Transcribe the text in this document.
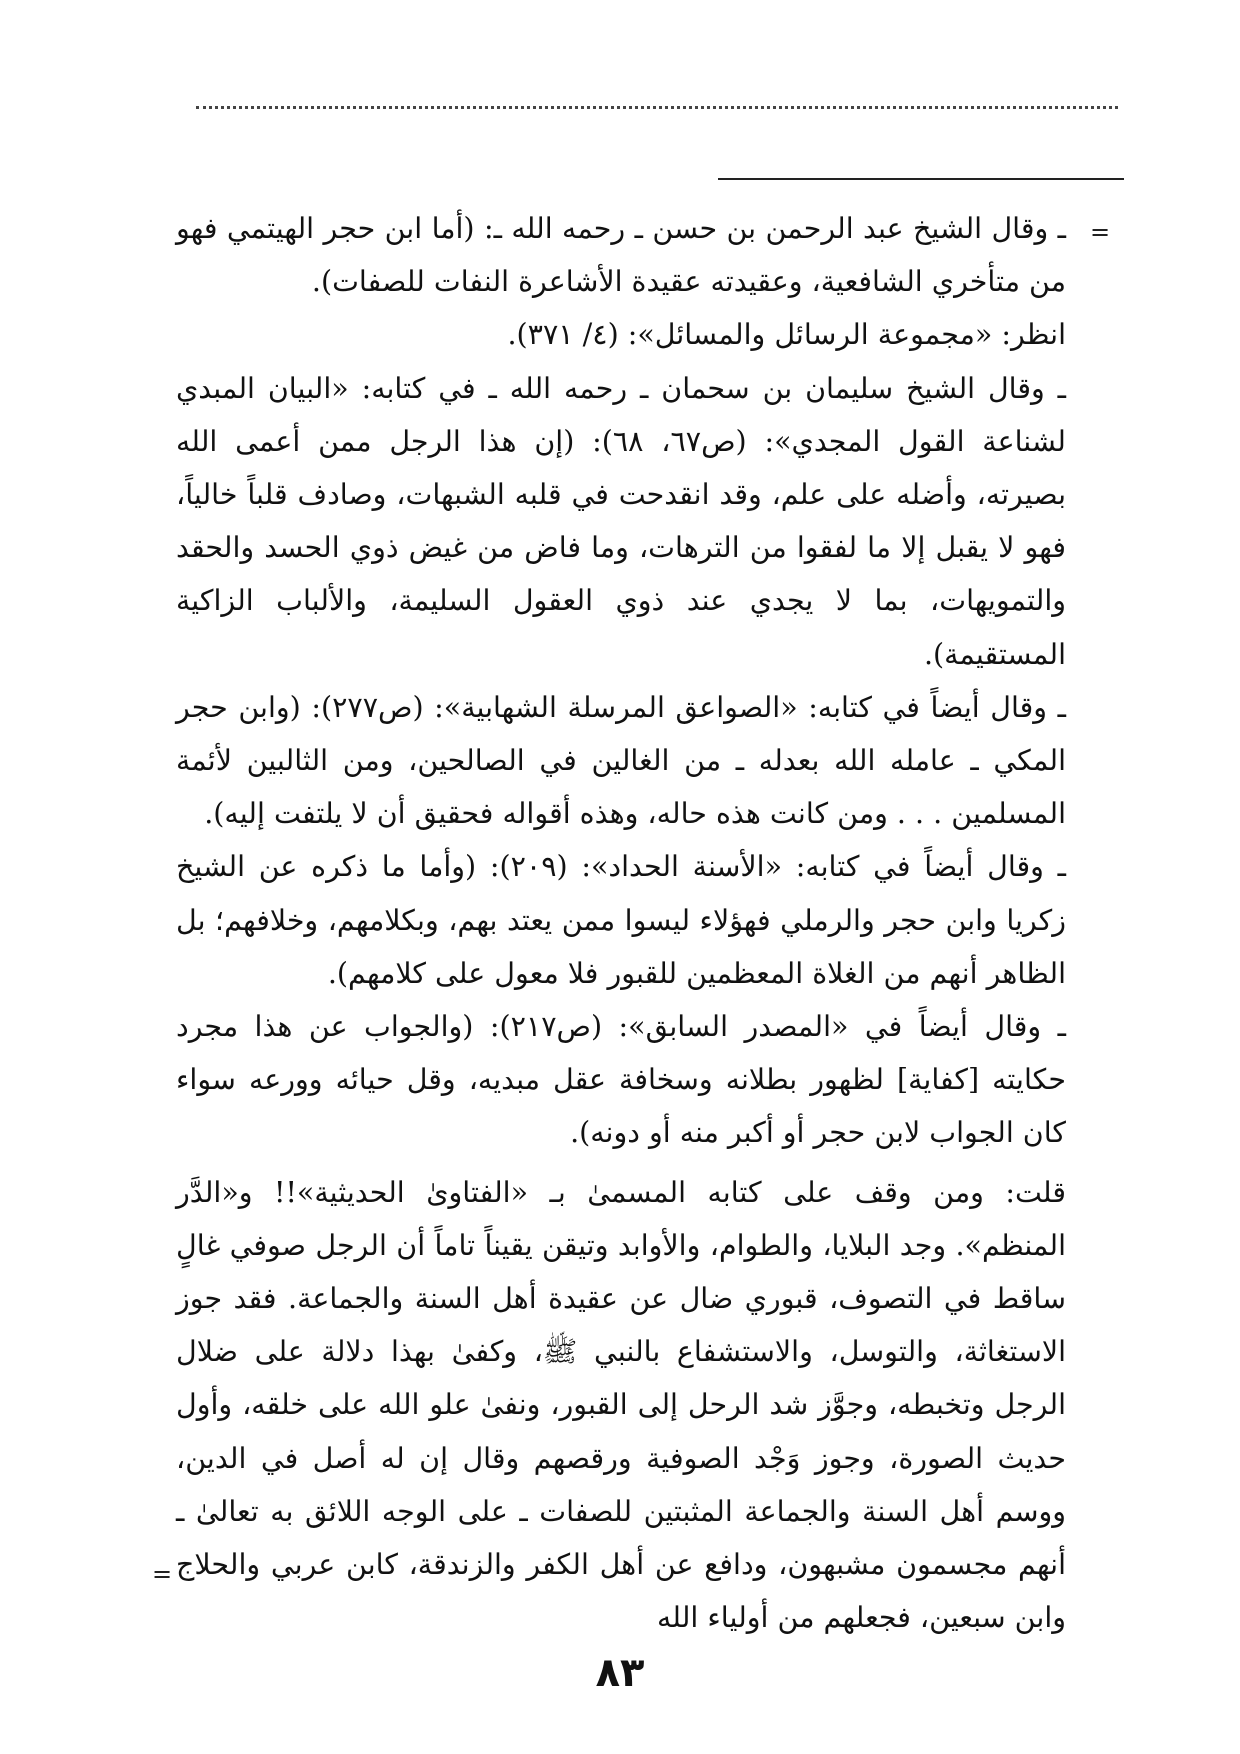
=

ـ وقال الشيخ عبد الرحمن بن حسن ـ رحمه الله ـ: (أما ابن حجر الهيتمي فهو من متأخري الشافعية، وعقيدته عقيدة الأشاعرة النفات للصفات).

انظر: «مجموعة الرسائل والمسائل»: (٤/ ٣٧١).

ـ وقال الشيخ سليمان بن سحمان ـ رحمه الله ـ في كتابه: «البيان المبدي لشناعة القول المجدي»: (ص٦٧، ٦٨): (إن هذا الرجل ممن أعمى الله بصيرته، وأضله على علم، وقد انقدحت في قلبه الشبهات، وصادف قلباً خالياً، فهو لا يقبل إلا ما لفقوا من الترهات، وما فاض من غيض ذوي الحسد والحقد والتمويهات، بما لا يجدي عند ذوي العقول السليمة، والألباب الزاكية المستقيمة).

ـ وقال أيضاً في كتابه: «الصواعق المرسلة الشهابية»: (ص٢٧٧): (وابن حجر المكي ـ عامله الله بعدله ـ من الغالين في الصالحين، ومن الثالبين لأئمة المسلمين . . . ومن كانت هذه حاله، وهذه أقواله فحقيق أن لا يلتفت إليه).

ـ وقال أيضاً في كتابه: «الأسنة الحداد»: (٢٠٩): (وأما ما ذكره عن الشيخ زكريا وابن حجر والرملي فهؤلاء ليسوا ممن يعتد بهم، وبكلامهم، وخلافهم؛ بل الظاهر أنهم من الغلاة المعظمين للقبور فلا معول على كلامهم).

ـ وقال أيضاً في «المصدر السابق»: (ص٢١٧): (والجواب عن هذا مجرد حكايته [كفاية] لظهور بطلانه وسخافة عقل مبديه، وقل حيائه وورعه سواء كان الجواب لابن حجر أو أكبر منه أو دونه).

قلت: ومن وقف على كتابه المسمىٰ بـ «الفتاوىٰ الحديثية»!! و«الدَّر المنظم». وجد البلايا، والطوام، والأوابد وتيقن يقيناً تاماً أن الرجل صوفي غالٍ ساقط في التصوف، قبوري ضال عن عقيدة أهل السنة والجماعة. فقد جوز الاستغاثة، والتوسل، والاستشفاع بالنبي ﷺ، وكفىٰ بهذا دلالة على ضلال الرجل وتخبطه، وجوَّز شد الرحل إلى القبور، ونفىٰ علو الله على خلقه، وأول حديث الصورة، وجوز وَجْد الصوفية ورقصهم وقال إن له أصل في الدين، ووسم أهل السنة والجماعة المثبتين للصفات ـ على الوجه اللائق به تعالىٰ ـ أنهم مجسمون مشبهون، ودافع عن أهل الكفر والزندقة، كابن عربي والحلاج وابن سبعين، فجعلهم من أولياء الله

=
٨٣
